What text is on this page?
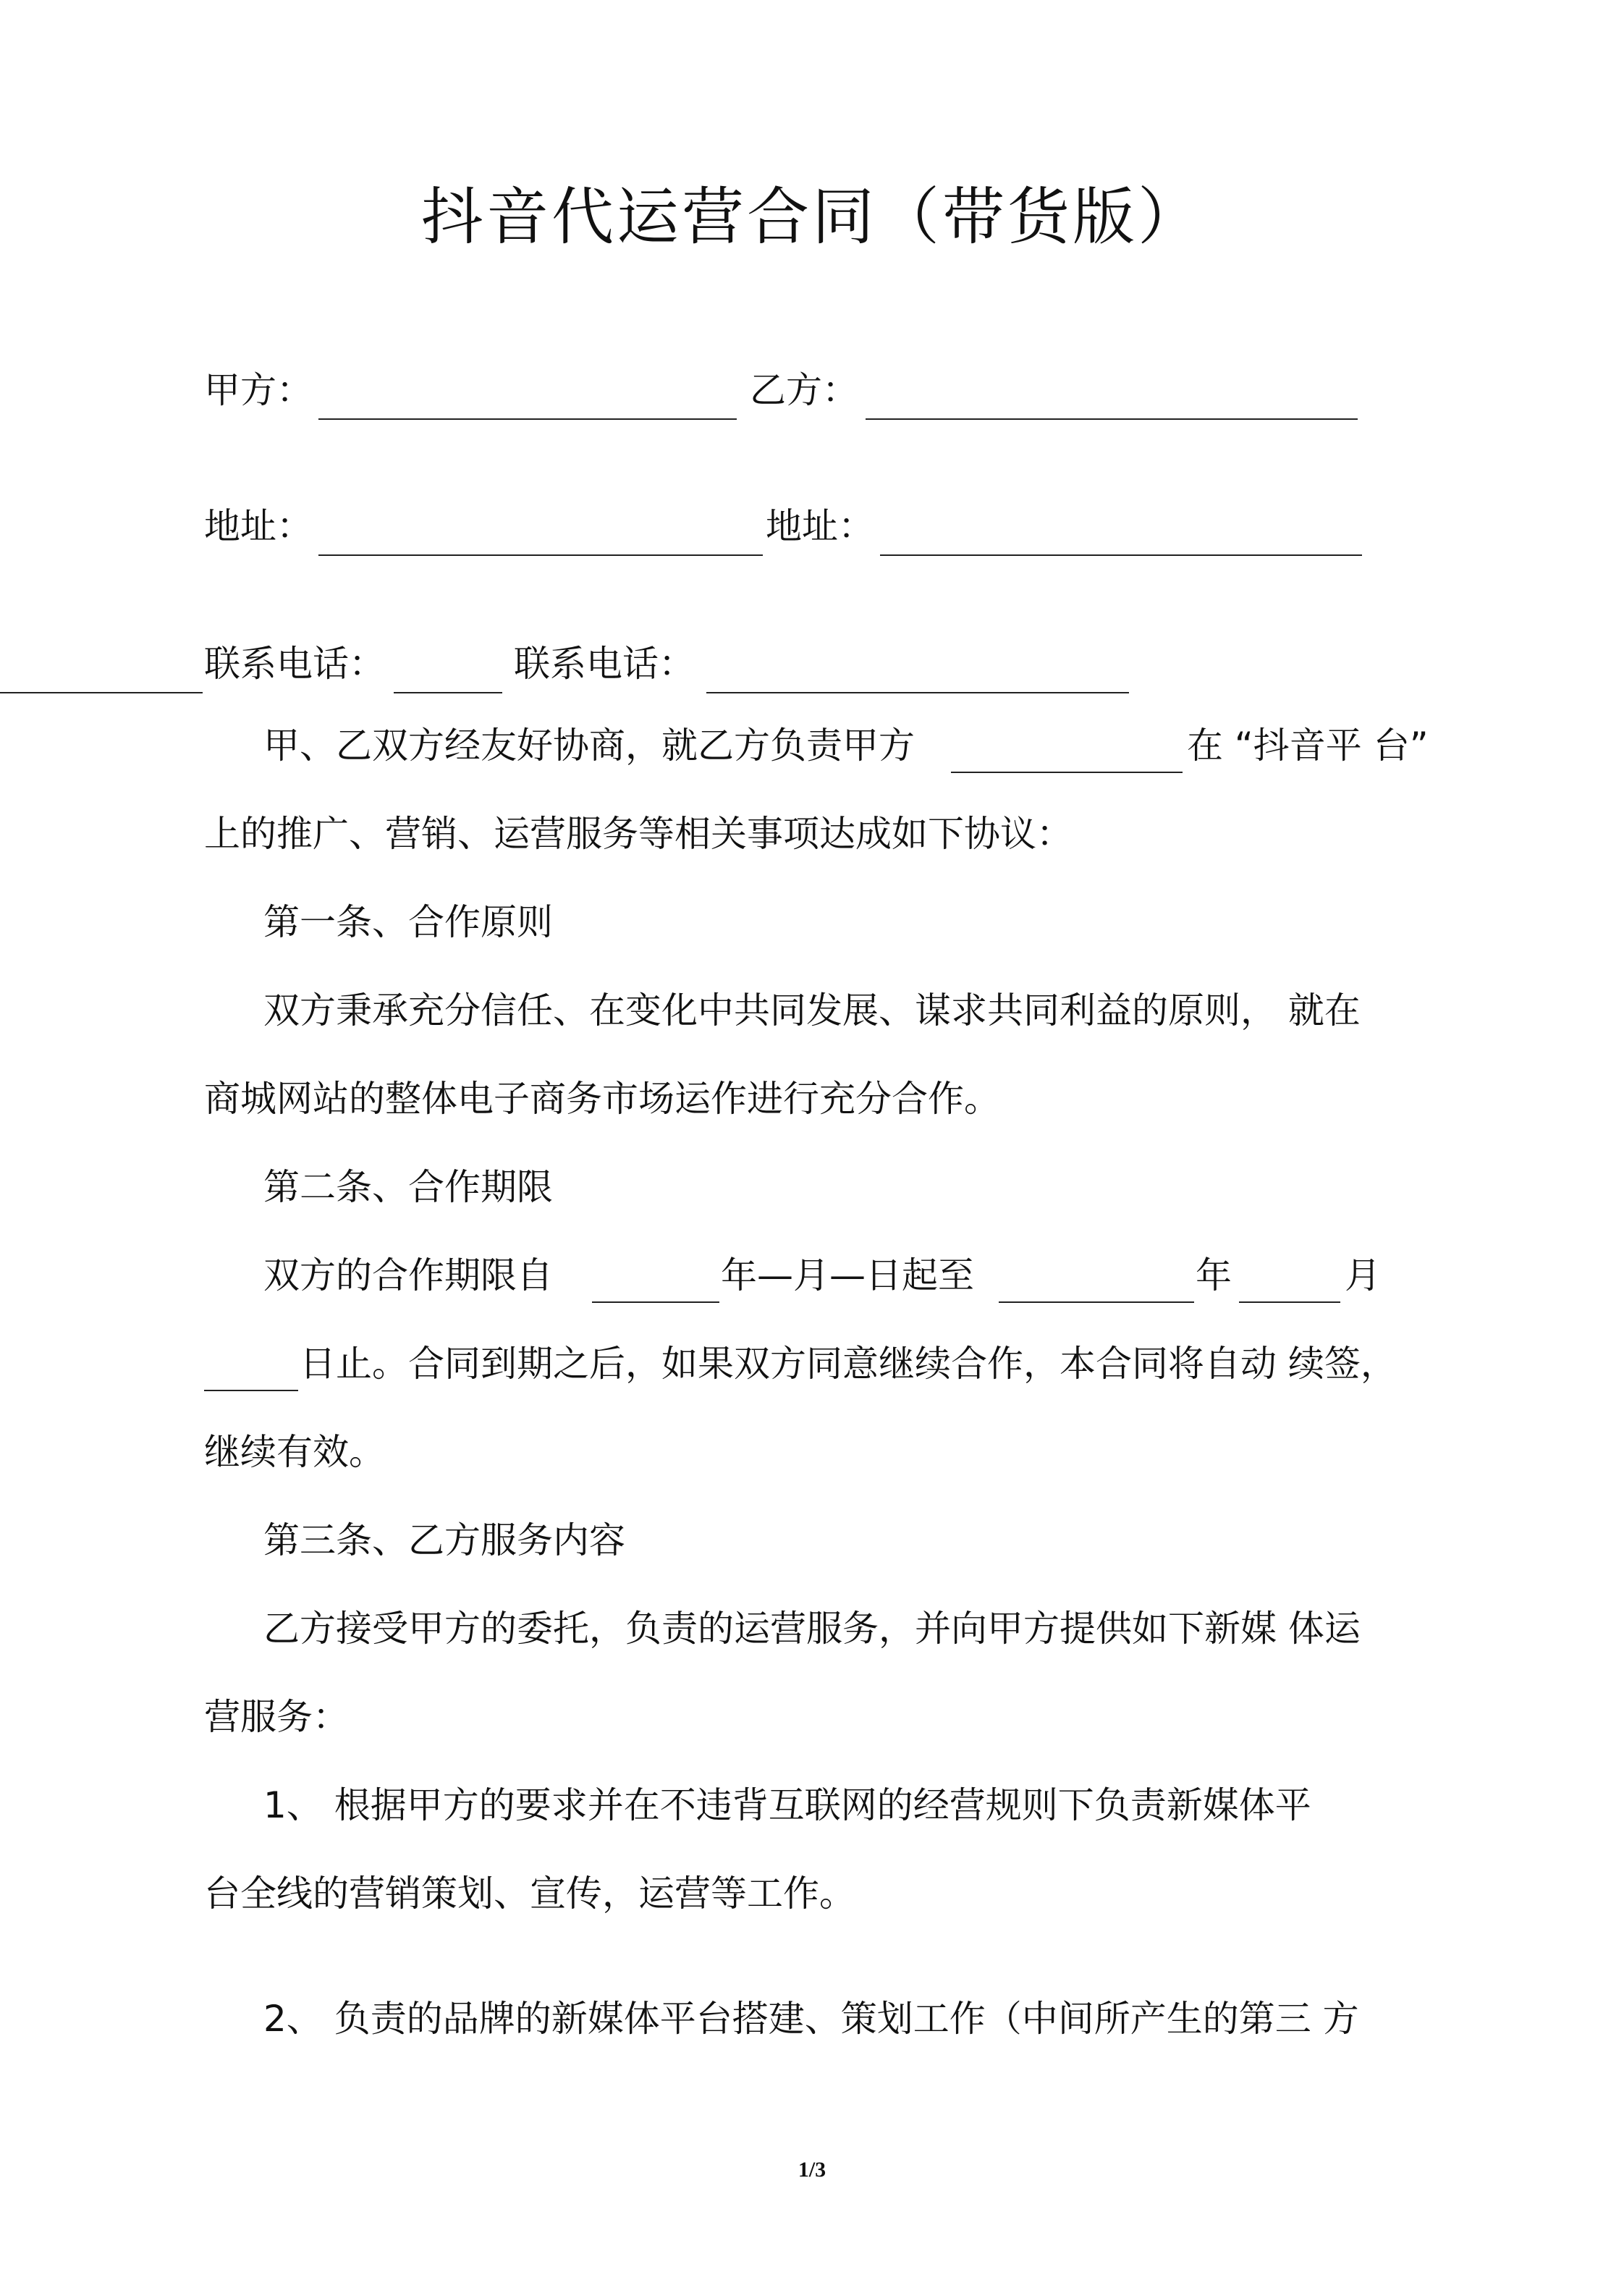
抖音代运营合同（带货版）
甲方：	乙方：
地址：	地址：
联系电话：	联系电话：
甲、乙双方经友好协商，就乙方负责甲方	在 “抖音平 台”
上的推广、营销、运营服务等相关事项达成如下协议：
第一条、合作原则
双方秉承充分信任、在变化中共同发展、谋求共同利益的原则， 就在
商城网站的整体电子商务市场运作进行充分合作。
第二条、合作期限
双方的合作期限自	年—月—日起至	年	月
日止。合同到期之后，如果双方同意继续合作，本合同将自动 续签，
继续有效。
第三条、乙方服务内容
乙方接受甲方的委托，负责的运营服务，并向甲方提供如下新媒 体运
营服务：
1、 根据甲方的要求并在不违背互联网的经营规则下负责新媒体平
台全线的营销策划、宣传，运营等工作。
2、 负责的品牌的新媒体平台搭建、策划工作（中间所产生的第三 方
1/3
